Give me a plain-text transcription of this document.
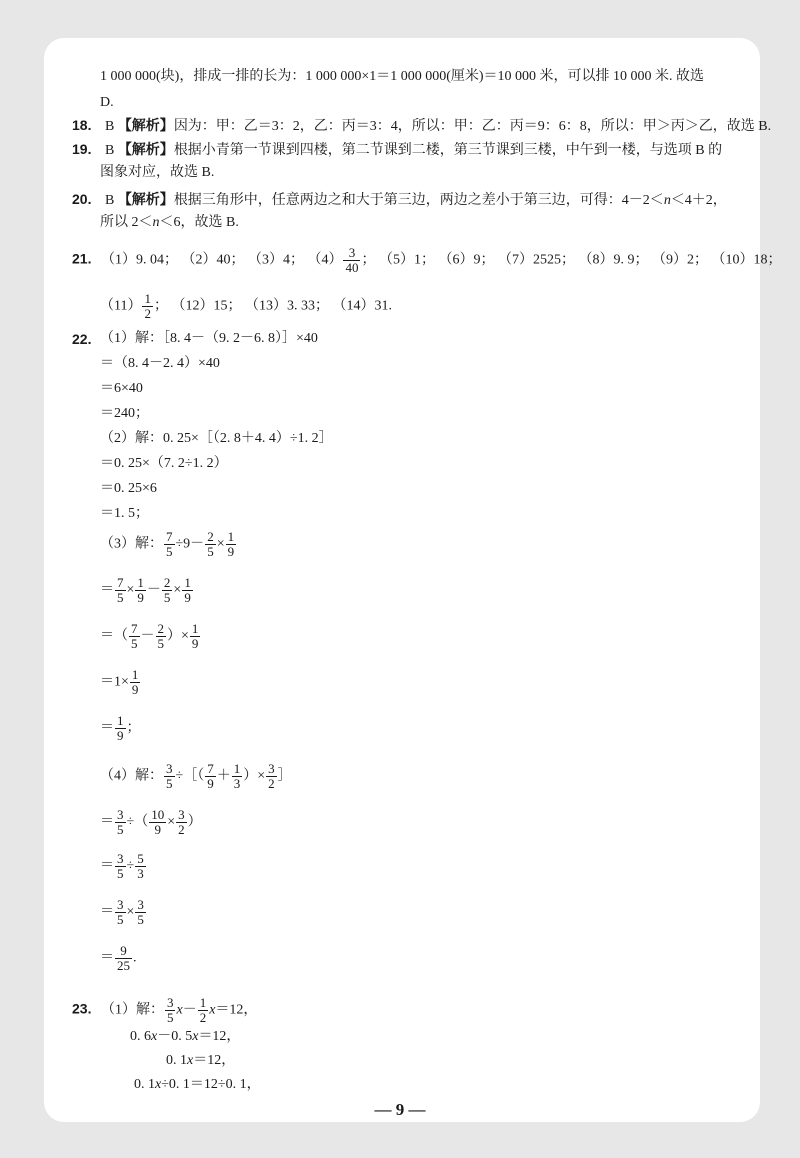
1 000 000(块)，排成一排的长为：1 000 000×1＝1 000 000(厘米)＝10 000 米，可以排 10 000 米. 故选
D.
18. B 【解析】因为：甲：乙＝3：2，乙：丙＝3：4，所以：甲：乙：丙＝9：6：8，所以：甲＞丙＞乙，故选 B.
19. B 【解析】根据小青第一节课到四楼，第二节课到二楼，第三节课到三楼，中午到一楼，与选项 B 的
图象对应，故选 B.
20. B 【解析】根据三角形中，任意两边之和大于第三边，两边之差小于第三边，可得：4－2＜n＜4＋2，
所以 2＜n＜6，故选 B.
21. （1）9. 04； （2）40； （3）4； $(4) \frac{3}{40}$ ； （5）1； （6）9； （7）2525； （8）9. 9； （9）2； （10）18；
$(11) \frac{1}{2}$ ； （12）15； （13）3. 33； （14）31.
22. （1）解：［8. 4－（9. 2－6. 8）］×40
＝（8. 4－2. 4）×40
＝6×40
＝240；
（2）解：0. 25×［（2. 8＋4. 4）÷1. 2］
＝0. 25×（7. 2÷1. 2）
＝0. 25×6
＝1. 5；
（3）解： $\frac{7}{5} \div 9- \frac{2}{5} \times \frac{1}{9}$
＝ $\frac{7}{5} \times \frac{1}{9} - \frac{2}{5} \times \frac{1}{9}$
＝（ $\frac{7}{5} - \frac{2}{5}$ ）× $\frac{1}{9}$
$=1\times \frac{1}{9}$
＝ $\frac{1}{9}$ ；
（4）解： $\frac{3}{5}$ ÷［（ $\frac{7}{9} + \frac{1}{3}$ ）× $\frac{3}{2}$ ］
＝ $\frac{3}{5}$ ÷（ $\frac{10}{9} \times \frac{3}{2}$ ）
＝ $\frac{3}{5} \div \frac{5}{3}$
＝ $\frac{3}{5} \times \frac{3}{5}$
＝ $\frac{9}{25}$ .
23. （1）解： $\frac{3}{5} x- \frac{1}{2} x=12$，
0. 6x－0. 5x＝12，
0. 1x＝12，
0. 1x÷0. 1＝12÷0. 1，
— 9 —
